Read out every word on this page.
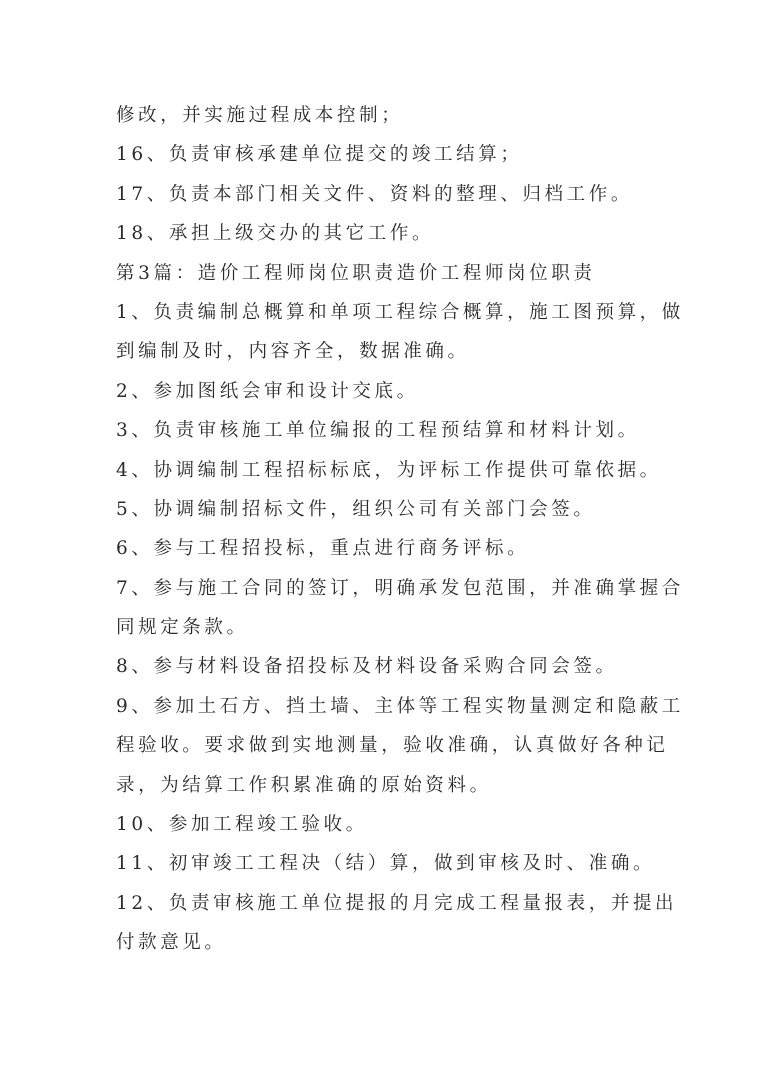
修改，并实施过程成本控制；
16、负责审核承建单位提交的竣工结算；
17、负责本部门相关文件、资料的整理、归档工作。
18、承担上级交办的其它工作。
第3篇：造价工程师岗位职责造价工程师岗位职责
1、负责编制总概算和单项工程综合概算，施工图预算，做
到编制及时，内容齐全，数据准确。
2、参加图纸会审和设计交底。
3、负责审核施工单位编报的工程预结算和材料计划。
4、协调编制工程招标标底，为评标工作提供可靠依据。
5、协调编制招标文件，组织公司有关部门会签。
6、参与工程招投标，重点进行商务评标。
7、参与施工合同的签订，明确承发包范围，并准确掌握合
同规定条款。
8、参与材料设备招投标及材料设备采购合同会签。
9、参加土石方、挡土墙、主体等工程实物量测定和隐蔽工
程验收。要求做到实地测量，验收准确，认真做好各种记
录，为结算工作积累准确的原始资料。
10、参加工程竣工验收。
11、初审竣工工程决（结）算，做到审核及时、准确。
12、负责审核施工单位提报的月完成工程量报表，并提出
付款意见。
